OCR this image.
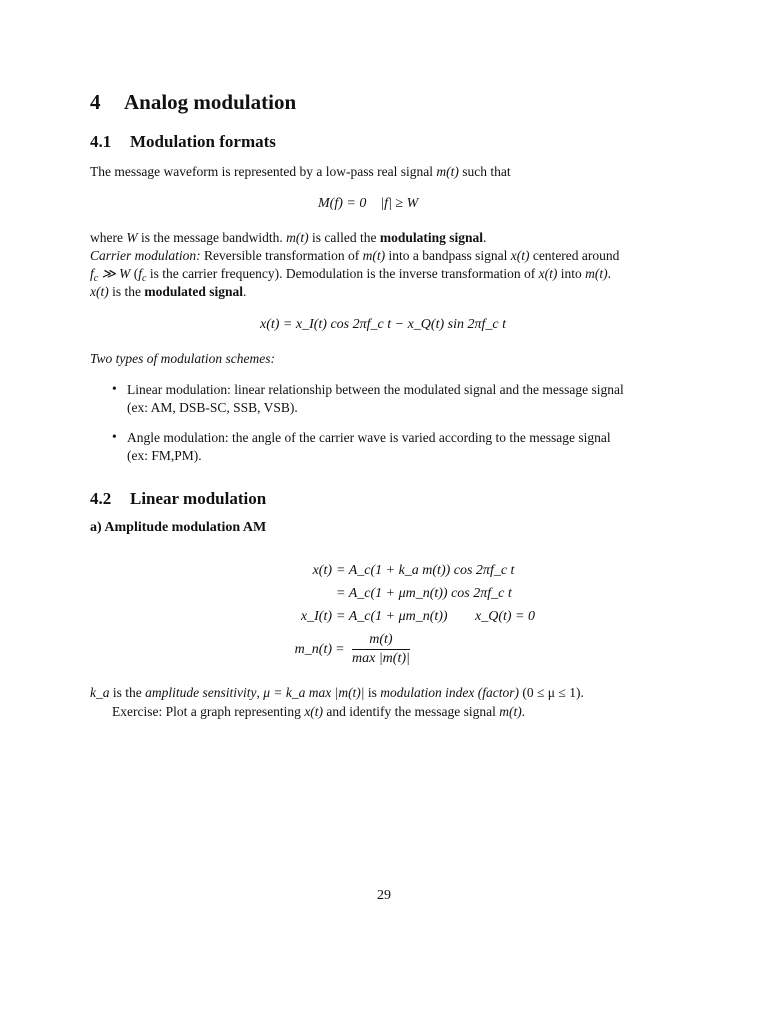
4 Analog modulation
4.1 Modulation formats
The message waveform is represented by a low-pass real signal m(t) such that
M(f) = 0 |f| ≥ W
where W is the message bandwidth. m(t) is called the modulating signal.
Carrier modulation: Reversible transformation of m(t) into a bandpass signal x(t) centered around
$f_c$ ≫ W ($f_c$ is the carrier frequency). Demodulation is the inverse transformation of x(t) into m(t).
x(t) is the modulated signal.
x(t) = x_I(t) cos 2πf_c t − x_Q(t) sin 2πf_c t
Two types of modulation schemes:
• Linear modulation: linear relationship between the modulated signal and the message signal
(ex: AM, DSB-SC, SSB, VSB).
• Angle modulation: the angle of the carrier wave is varied according to the message signal
(ex: FM,PM).
4.2 Linear modulation
a) Amplitude modulation AM
x(t) = A_c(1 + k_a m(t)) cos 2πf_c t
= A_c(1 + μm_n(t)) cos 2πf_c t
x_I(t) = A_c(1 + μm_n(t)) x_Q(t) = 0
m_n(t) = $\frac{m(t)}{\max |m(t)|}$
k_a is the amplitude sensitivity, μ = k_a max |m(t)| is modulation index (factor) (0 ≤ μ ≤ 1).
Exercise: Plot a graph representing x(t) and identify the message signal m(t).
29
